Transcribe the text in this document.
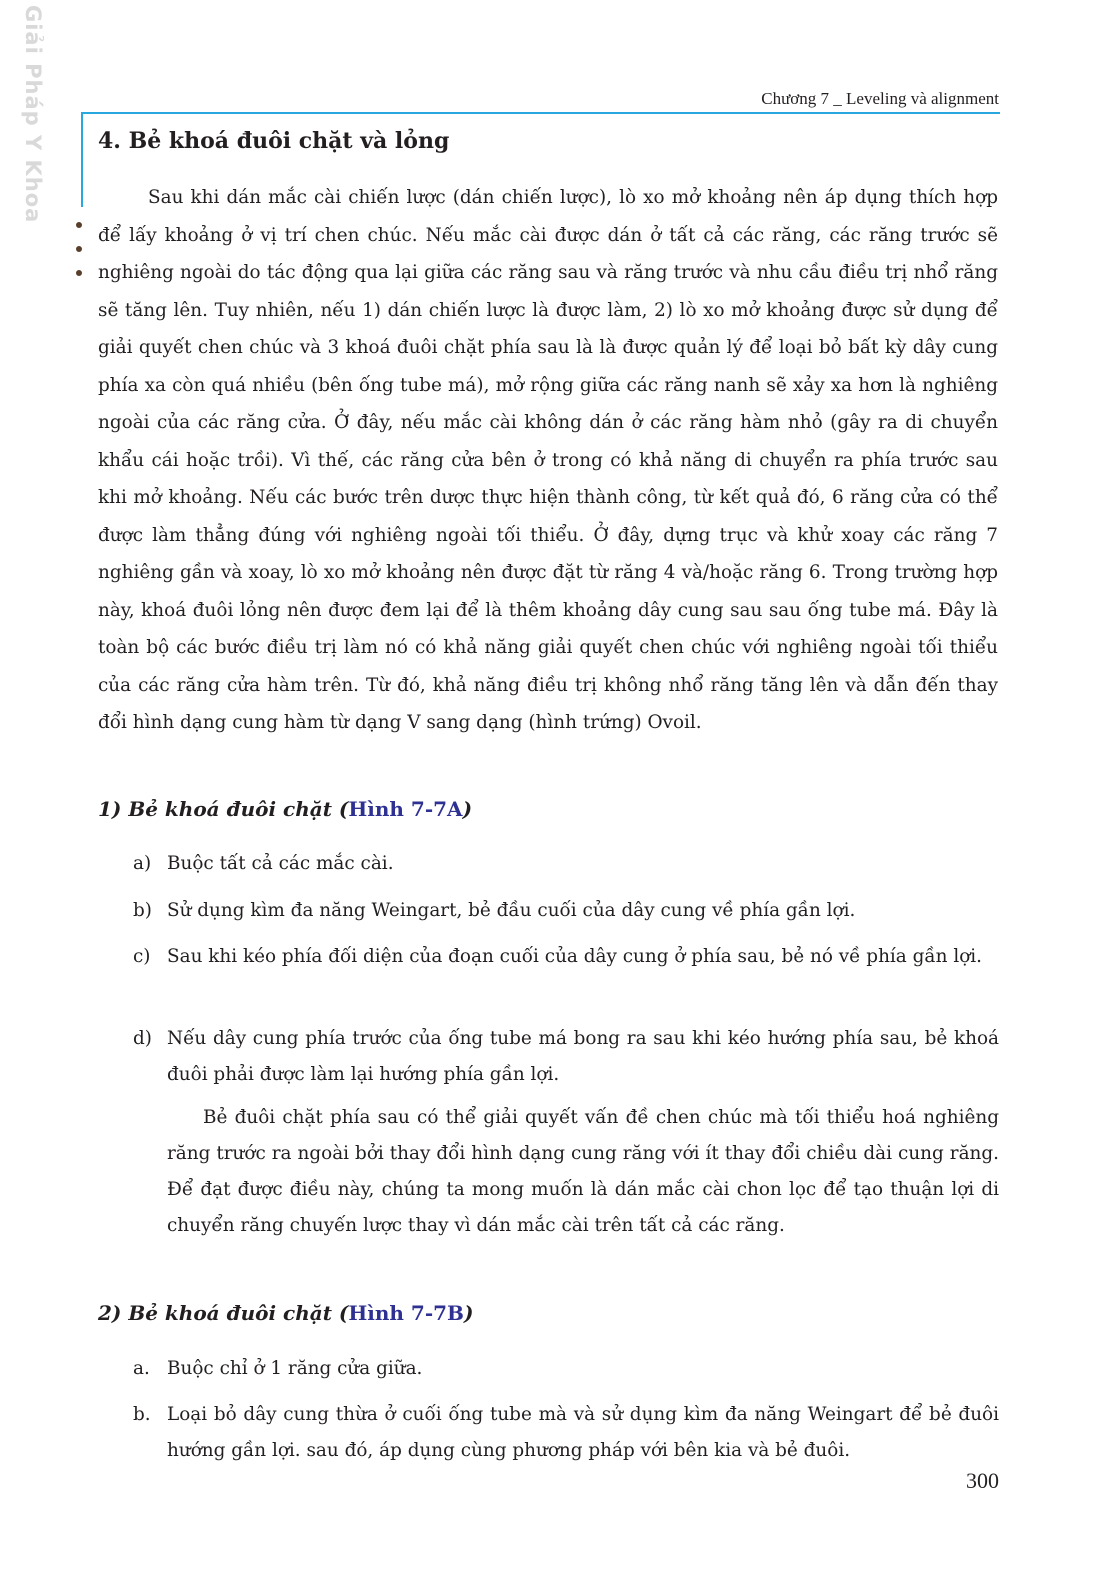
Giải Pháp Y Khoa	Chương 7 _ Leveling và alignment
4. Bẻ khoá đuôi chặt và lỏng

Sau khi dán mắc cài chiến lược (dán chiến lược), lò xo mở khoảng nên áp dụng thích hợp để lấy khoảng ở vị trí chen chúc. Nếu mắc cài được dán ở tất cả các răng, các răng trước sẽ nghiêng ngoài do tác động qua lại giữa các răng sau và răng trước và nhu cầu điều trị nhổ răng sẽ tăng lên. Tuy nhiên, nếu 1) dán chiến lược là được làm, 2) lò xo mở khoảng được sử dụng để giải quyết chen chúc và 3 khoá đuôi chặt phía sau là là được quản lý để loại bỏ bất kỳ dây cung phía xa còn quá nhiều (bên ống tube má), mở rộng giữa các răng nanh sẽ xảy xa hơn là nghiêng ngoài của các răng cửa. Ở đây, nếu mắc cài không dán ở các răng hàm nhỏ (gây ra di chuyển khẩu cái hoặc trồi). Vì thế, các răng cửa bên ở trong có khả năng di chuyển ra phía trước sau khi mở khoảng. Nếu các bước trên dược thực hiện thành công, từ kết quả đó, 6 răng cửa có thể được làm thẳng đúng với nghiêng ngoài tối thiểu. Ở đây, dựng trục và khử xoay các răng 7 nghiêng gần và xoay, lò xo mở khoảng nên được đặt từ răng 4 và/hoặc răng 6. Trong trường hợp này, khoá đuôi lỏng nên được đem lại để là thêm khoảng dây cung sau sau ống tube má. Đây là toàn bộ các bước điều trị làm nó có khả năng giải quyết chen chúc với nghiêng ngoài tối thiểu của các răng cửa hàm trên. Từ đó, khả năng điều trị không nhổ răng tăng lên và dẫn đến thay đổi hình dạng cung hàm từ dạng V sang dạng (hình trứng) Ovoil.

1) Bẻ khoá đuôi chặt (Hình 7-7A)
a) Buộc tất cả các mắc cài.
b) Sử dụng kìm đa năng Weingart, bẻ đầu cuối của dây cung về phía gần lợi.
c) Sau khi kéo phía đối diện của đoạn cuối của dây cung ở phía sau, bẻ nó về phía gần lợi.
d) Nếu dây cung phía trước của ống tube má bong ra sau khi kéo hướng phía sau, bẻ khoá đuôi phải được làm lại hướng phía gần lợi.

Bẻ đuôi chặt phía sau có thể giải quyết vấn đề chen chúc mà tối thiểu hoá nghiêng răng trước ra ngoài bởi thay đổi hình dạng cung răng với ít thay đổi chiều dài cung răng. Để đạt được điều này, chúng ta mong muốn là dán mắc cài chon lọc để tạo thuận lợi di chuyển răng chuyến lược thay vì dán mắc cài trên tất cả các răng.

2) Bẻ khoá đuôi chặt (Hình 7-7B)
a. Buộc chỉ ở 1 răng cửa giữa.
b. Loại bỏ dây cung thừa ở cuối ống tube mà và sử dụng kìm đa năng Weingart để bẻ đuôi hướng gần lợi. sau đó, áp dụng cùng phương pháp với bên kia và bẻ đuôi.
300
